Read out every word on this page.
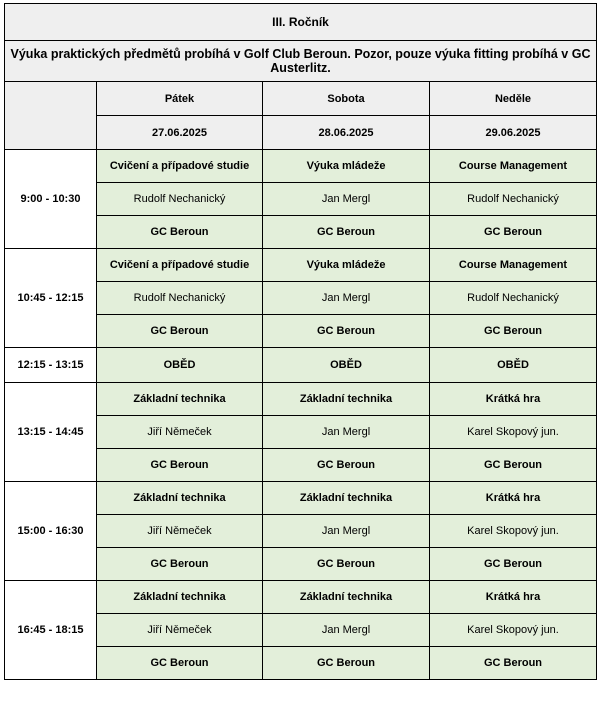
III. Ročník			
Výuka praktických předmětů probíhá v Golf Club Beroun. Pozor, pouze výuka fitting probíhá v GC Austerlitz.			
	Pátek	Sobota	Neděle
	27.06.2025	28.06.2025	29.06.2025
9:00 - 10:30	Cvičení a případové studie	Výuka mládeže	Course Management
	Rudolf Nechanický	Jan Mergl	Rudolf Nechanický
	GC Beroun	GC Beroun	GC Beroun
10:45 - 12:15	Cvičení a případové studie	Výuka mládeže	Course Management
	Rudolf Nechanický	Jan Mergl	Rudolf Nechanický
	GC Beroun	GC Beroun	GC Beroun
12:15 - 13:15	OBĚD	OBĚD	OBĚD
13:15 - 14:45	Základní technika	Základní technika	Krátká hra
	Jiří Němeček	Jan Mergl	Karel Skopový jun.
	GC Beroun	GC Beroun	GC Beroun
15:00 - 16:30	Základní technika	Základní technika	Krátká hra
	Jiří Němeček	Jan Mergl	Karel Skopový jun.
	GC Beroun	GC Beroun	GC Beroun
16:45 - 18:15	Základní technika	Základní technika	Krátká hra
	Jiří Němeček	Jan Mergl	Karel Skopový jun.
	GC Beroun	GC Beroun	GC Beroun
